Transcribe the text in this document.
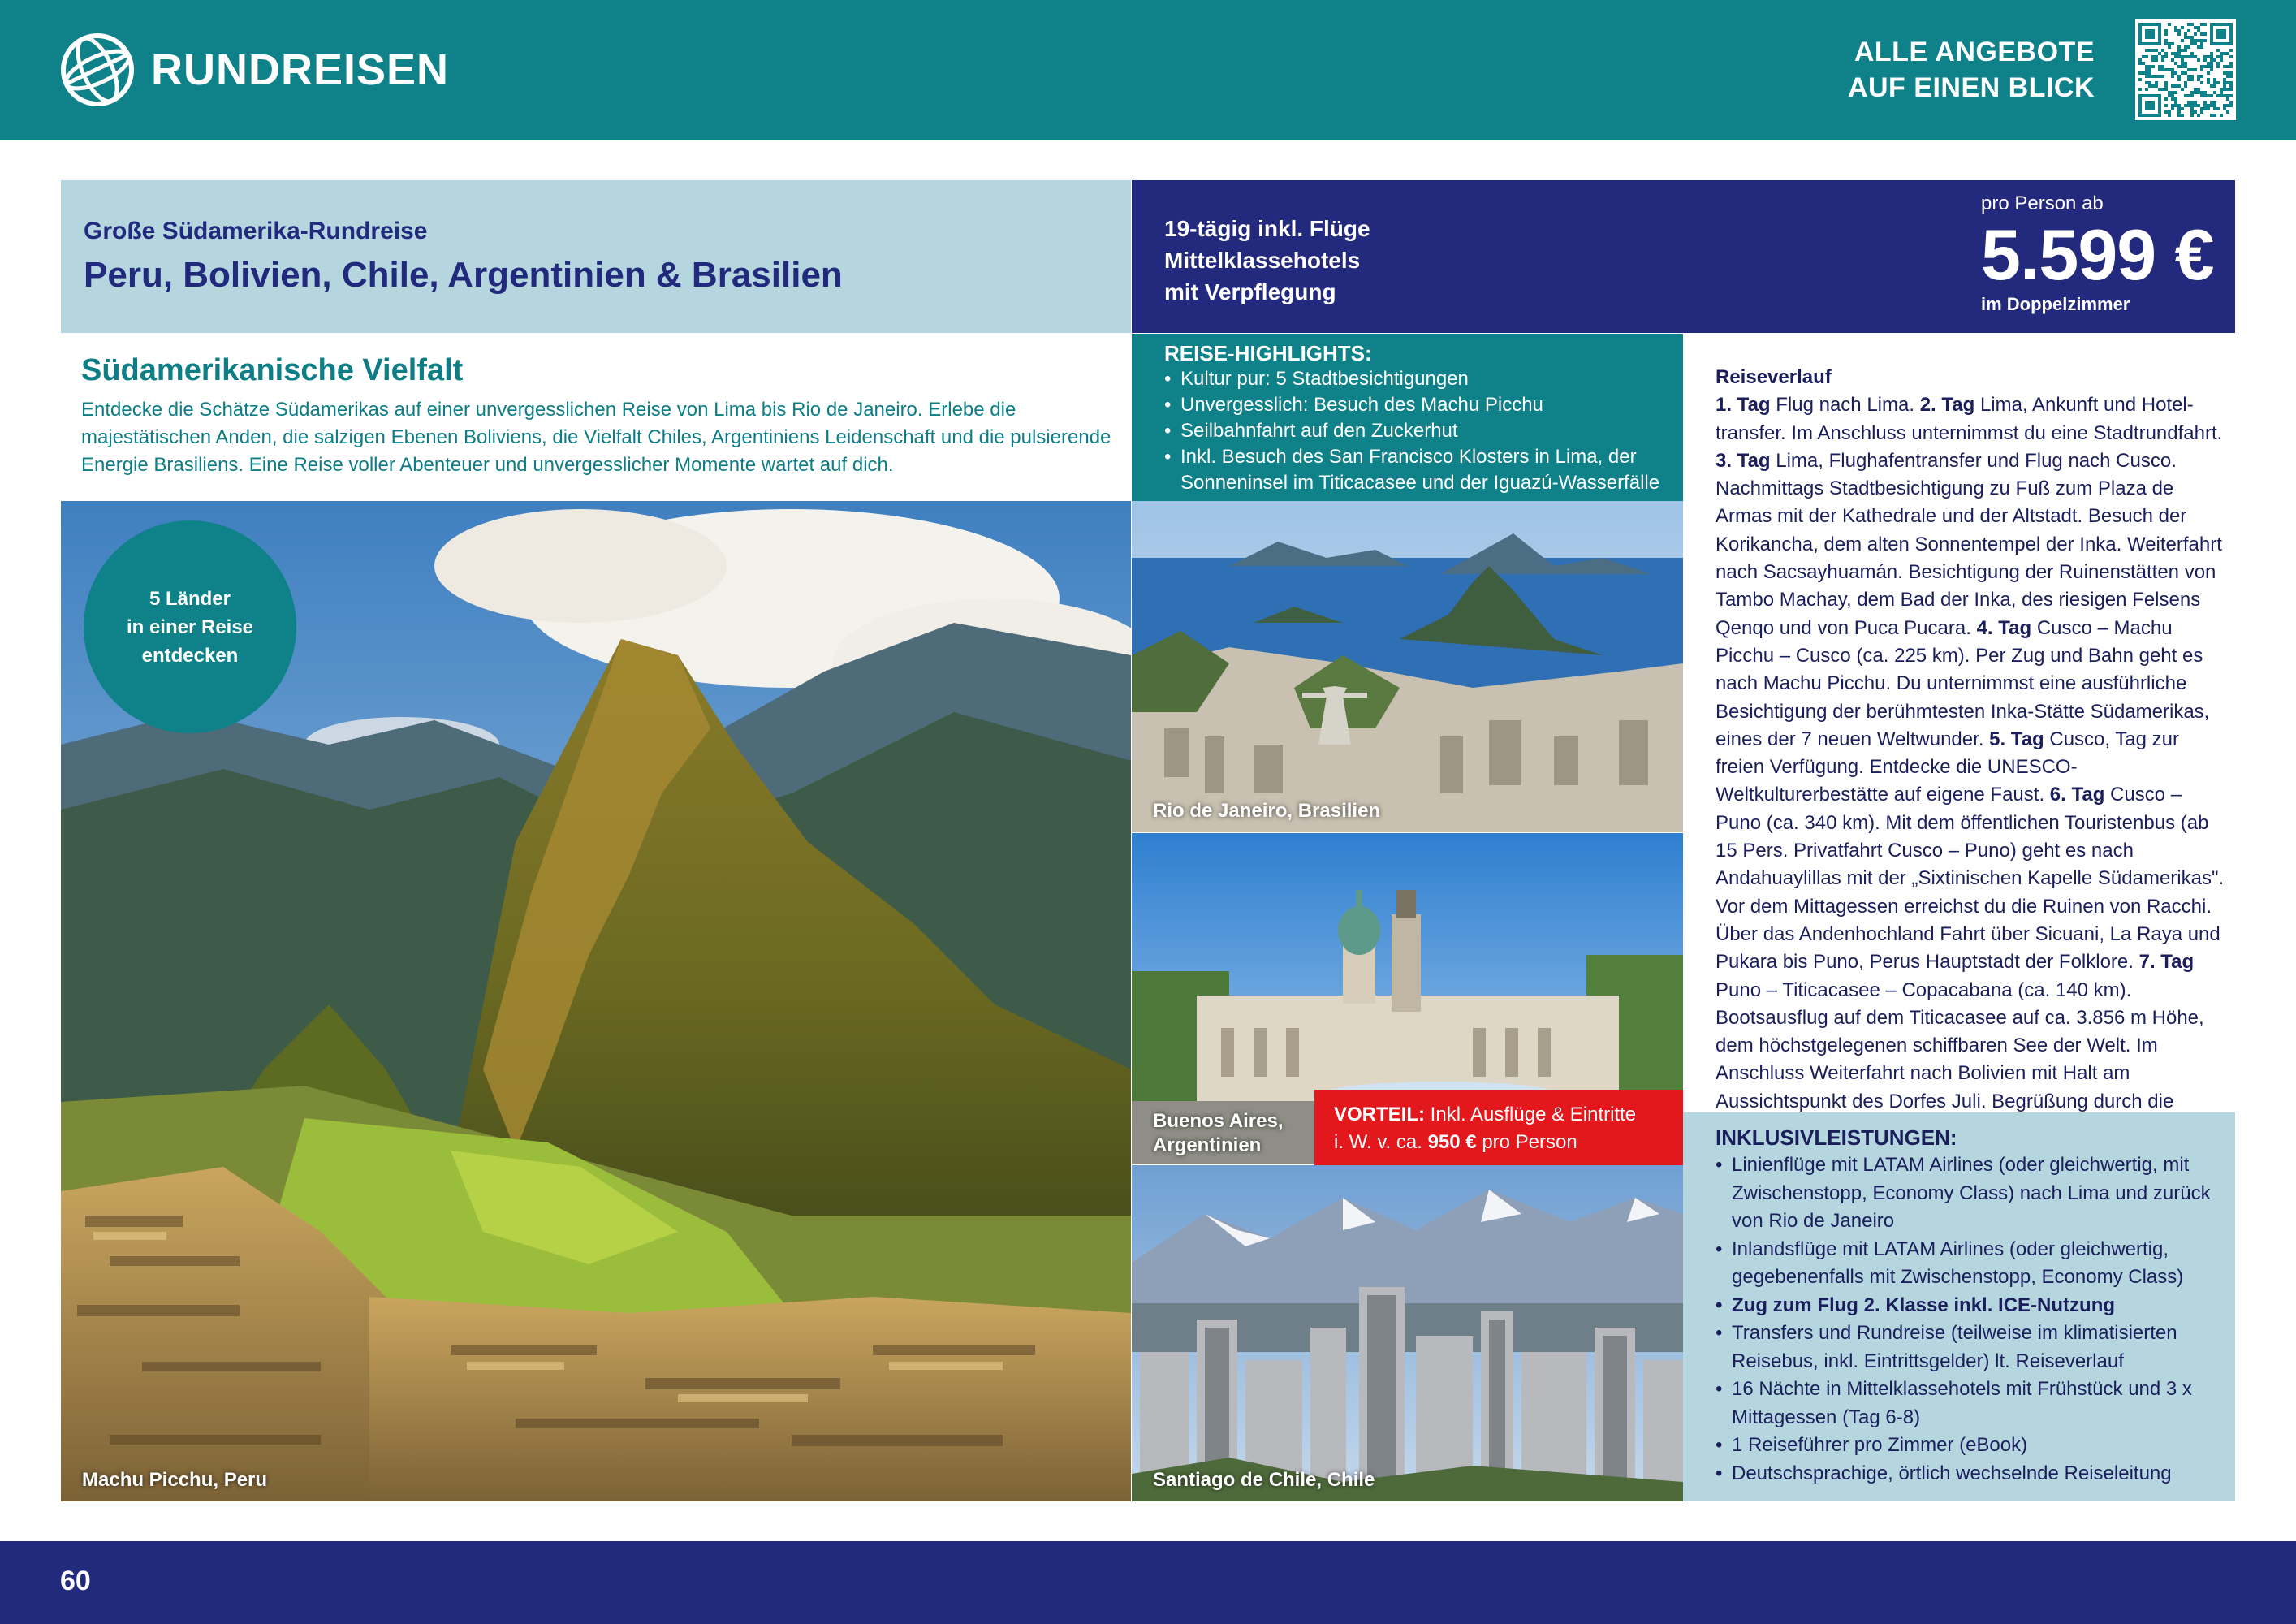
RUNDREISEN	ALLE ANGEBOTE
AUF EINEN BLICK
Große Südamerika-Rundreise
Peru, Bolivien, Chile, Argentinien & Brasilien
19-tägig inkl. Flüge
Mittelklassehotels
mit Verpflegung
pro Person ab
5.599 €
im Doppelzimmer
Südamerikanische Vielfalt
Entdecke die Schätze Südamerikas auf einer unvergesslichen Reise von Lima bis Rio de Janeiro. Erlebe die majestätischen Anden, die salzigen Ebenen Boliviens, die Vielfalt Chiles, Argentiniens Leidenschaft und die pulsierende Energie Brasiliens. Eine Reise voller Abenteuer und unvergesslicher Momente wartet auf dich.
5 Länder
in einer Reise
entdecken
Machu Picchu, Peru
REISE-HIGHLIGHTS:
• Kultur pur: 5 Stadtbesichtigungen
• Unvergesslich: Besuch des Machu Picchu
• Seilbahnfahrt auf den Zuckerhut
• Inkl. Besuch des San Francisco Klosters in Lima, der Sonneninsel im Titicacasee und der Iguazú-Wasserfälle
Rio de Janeiro, Brasilien
Buenos Aires,
Argentinien
VORTEIL: Inkl. Ausflüge & Eintritte
i. W. v. ca. 950 € pro Person
Santiago de Chile, Chile
Reiseverlauf
1. Tag Flug nach Lima. 2. Tag Lima, Ankunft und Hoteltransfer. Im Anschluss unternimmst du eine Stadtrundfahrt. 3. Tag Lima, Flughafentransfer und Flug nach Cusco. Nachmittags Stadtbesichtigung zu Fuß zum Plaza de Armas mit der Kathedrale und der Altstadt. Besuch der Korikancha, dem alten Sonnentempel der Inka. Weiterfahrt nach Sacsayhuamán. Besichtigung der Ruinenstätten von Tambo Machay, dem Bad der Inka, des riesigen Felsens Qenqo und von Puca Pucara. 4. Tag Cusco – Machu Picchu – Cusco (ca. 225 km). Per Zug und Bahn geht es nach Machu Picchu. Du unternimmst eine ausführliche Besichtigung der berühmtesten Inka-Stätte Südamerikas, eines der 7 neuen Weltwunder. 5. Tag Cusco, Tag zur freien Verfügung. Entdecke die UNESCO-Weltkulturerbestätte auf eigene Faust. 6. Tag Cusco – Puno (ca. 340 km). Mit dem öffentlichen Touristenbus (ab 15 Pers. Privatfahrt Cusco – Puno) geht es nach Andahuaylillas mit der „Sixtinischen Kapelle Südamerikas". Vor dem Mittagessen erreichst du die Ruinen von Racchi. Über das Andenhochland Fahrt über Sicuani, La Raya und Pukara bis Puno, Perus Hauptstadt der Folklore. 7. Tag Puno – Titicacasee – Copacabana (ca. 140 km). Bootsausflug auf dem Titicacasee auf ca. 3.856 m Höhe, dem höchstgelegenen schiffbaren See der Welt. Im Anschluss Weiterfahrt nach Bolivien mit Halt am Aussichtspunkt des Dorfes Juli. Begrüßung durch die
INKLUSIVLEISTUNGEN:
• Linienflüge mit LATAM Airlines (oder gleichwertig, mit Zwischenstopp, Economy Class) nach Lima und zurück von Rio de Janeiro
• Inlandsflüge mit LATAM Airlines (oder gleichwertig, gegebenenfalls mit Zwischenstopp, Economy Class)
• Zug zum Flug 2. Klasse inkl. ICE-Nutzung
• Transfers und Rundreise (teilweise im klimatisierten Reisebus, inkl. Eintrittsgelder) lt. Reiseverlauf
• 16 Nächte in Mittelklassehotels mit Frühstück und 3 x Mittagessen (Tag 6-8)
• 1 Reiseführer pro Zimmer (eBook)
• Deutschsprachige, örtlich wechselnde Reiseleitung
60
